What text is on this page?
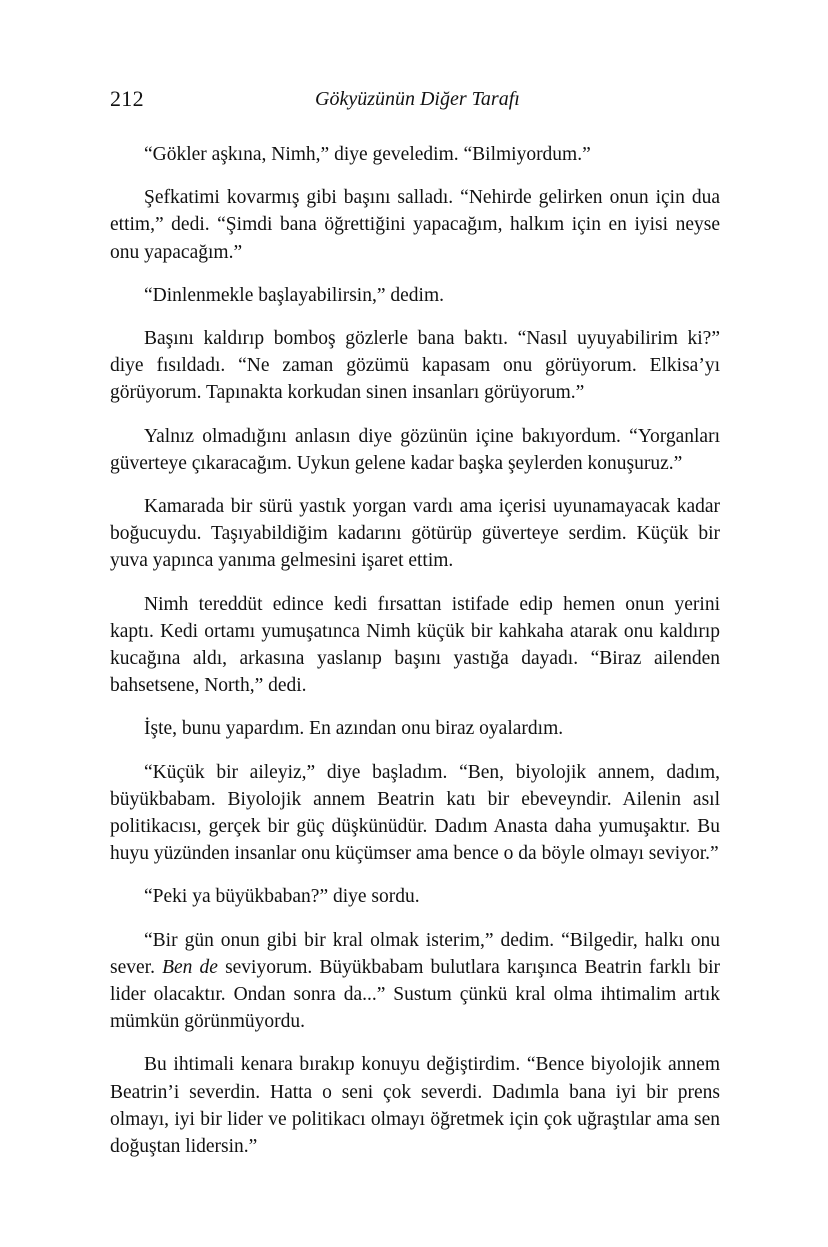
212	Gökyüzünün Diğer Tarafı

“Gökler aşkına, Nimh,” diye geveledim. “Bilmiyordum.”

Şefkatimi kovarmış gibi başını salladı. “Nehirde gelirken onun için dua ettim,” dedi. “Şimdi bana öğrettiğini yapacağım, halkım için en iyisi neyse onu yapacağım.”

“Dinlenmekle başlayabilirsin,” dedim.

Başını kaldırıp bomboş gözlerle bana baktı. “Nasıl uyuyabilirim ki?” diye fısıldadı. “Ne zaman gözümü kapasam onu görüyorum. Elkisa’yı görüyorum. Tapınakta korkudan sinen insanları görüyorum.”

Yalnız olmadığını anlasın diye gözünün içine bakıyordum. “Yorganları güverteye çıkaracağım. Uykun gelene kadar başka şeylerden konuşuruz.”

Kamarada bir sürü yastık yorgan vardı ama içerisi uyunamayacak kadar boğucuydu. Taşıyabildiğim kadarını götürüp güverteye serdim. Küçük bir yuva yapınca yanıma gelmesini işaret ettim.

Nimh tereddüt edince kedi fırsattan istifade edip hemen onun yerini kaptı. Kedi ortamı yumuşatınca Nimh küçük bir kahkaha atarak onu kaldırıp kucağına aldı, arkasına yaslanıp başını yastığa dayadı. “Biraz ailenden bahsetsene, North,” dedi.

İşte, bunu yapardım. En azından onu biraz oyalardım.

“Küçük bir aileyiz,” diye başladım. “Ben, biyolojik annem, dadım, büyükbabam. Biyolojik annem Beatrin katı bir ebeveyndir. Ailenin asıl politikacısı, gerçek bir güç düşkünüdür. Dadım Anasta daha yumuşaktır. Bu huyu yüzünden insanlar onu küçümser ama bence o da böyle olmayı seviyor.”

“Peki ya büyükbaban?” diye sordu.

“Bir gün onun gibi bir kral olmak isterim,” dedim. “Bilgedir, halkı onu sever. Ben de seviyorum. Büyükbabam bulutlara karışınca Beatrin farklı bir lider olacaktır. Ondan sonra da...” Sustum çünkü kral olma ihtimalim artık mümkün görünmüyordu.

Bu ihtimali kenara bırakıp konuyu değiştirdim. “Bence biyolojik annem Beatrin’i severdin. Hatta o seni çok severdi. Dadımla bana iyi bir prens olmayı, iyi bir lider ve politikacı olmayı öğretmek için çok uğraştılar ama sen doğuştan lidersin.”
